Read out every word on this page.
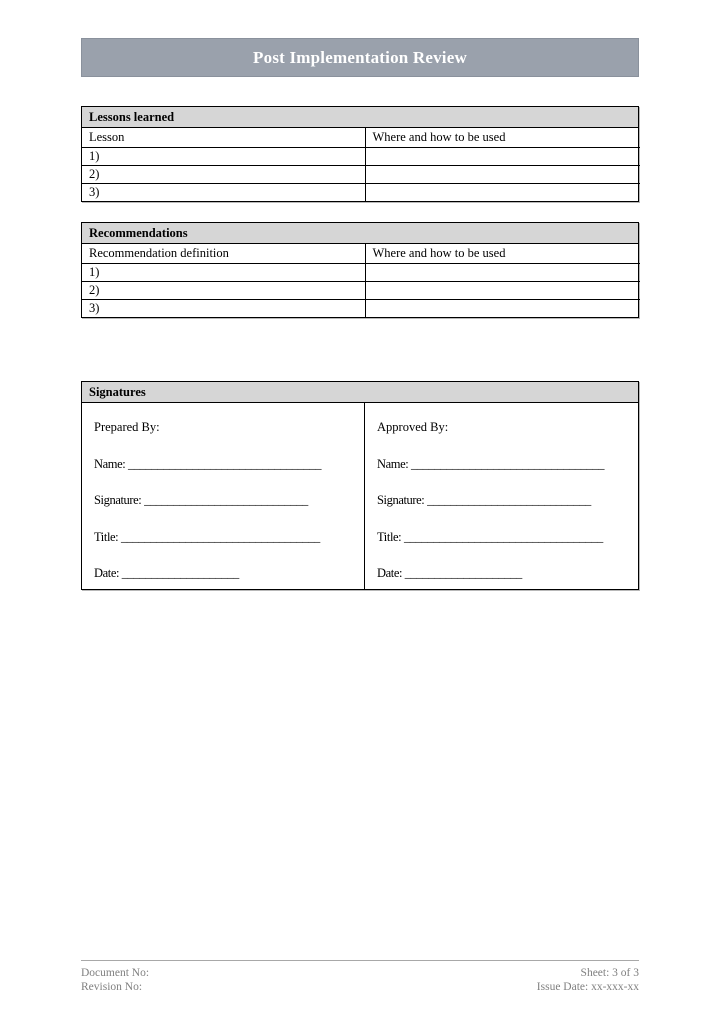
Post Implementation Review
Lessons learned
Lesson	Where and how to be used
1)	
2)	
3)	
Recommendations
Recommendation definition	Where and how to be used
1)	
2)	
3)	
Signatures
Prepared By:
Name: _________________________________
Signature: ____________________________
Title: __________________________________
Date: ____________________
Approved By:
Name: _________________________________
Signature: ____________________________
Title: __________________________________
Date: ____________________
Document No:
Revision No:
Sheet: 3 of 3
Issue Date: xx-xxx-xx
